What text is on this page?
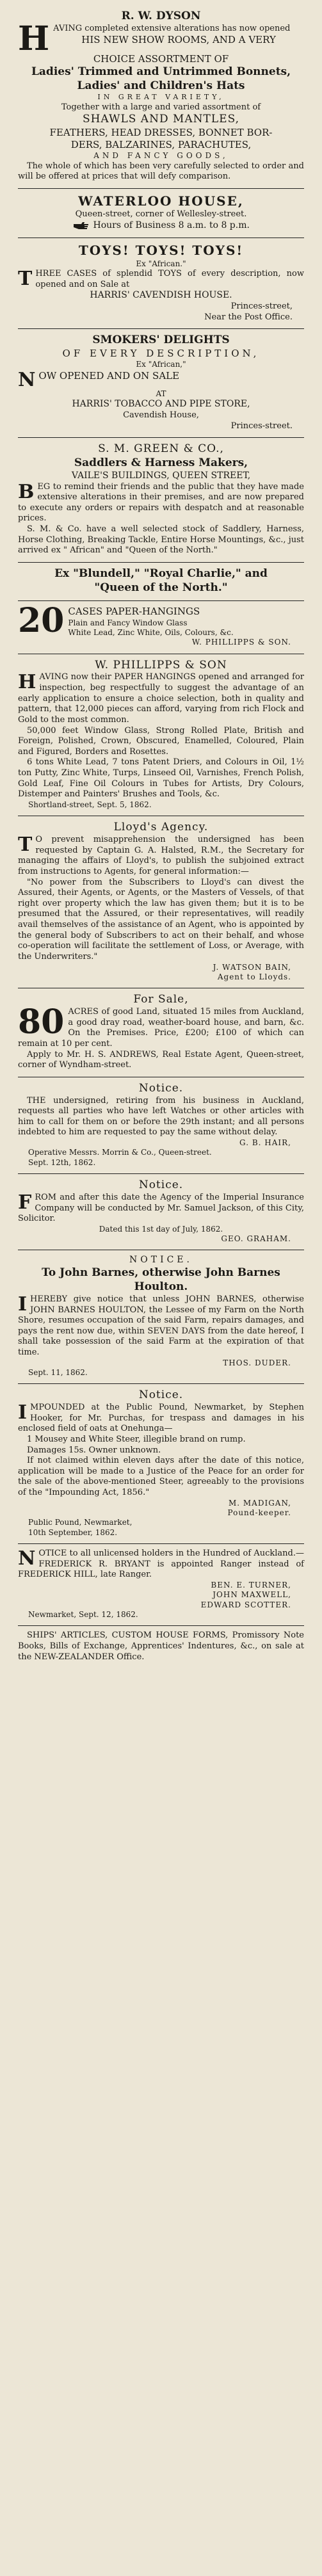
R. W. DYSON
HAVING completed extensive alterations has now opened
HIS NEW SHOW ROOMS, AND A VERY
CHOICE ASSORTMENT OF
Ladies' Trimmed and Untrimmed Bonnets,
Ladies' and Children's Hats
IN GREAT VARIETY,
Together with a large and varied assortment of
SHAWLS AND MANTLES,
FEATHERS, HEAD DRESSES, BONNET BOR-
DERS, BALZARINES, PARACHUTES,
AND FANCY GOODS,
The whole of which has been very carefully selected to order and will be offered at prices that will defy comparison.
WATERLOO HOUSE,
Queen-street, corner of Wellesley-street.
Hours of Business 8 a.m. to 8 p.m.
TOYS! TOYS! TOYS!
Ex "African."
THREE CASES of splendid TOYS of every description, now opened and on Sale at
HARRIS' CAVENDISH HOUSE.
Princes-street,
Near the Post Office.
SMOKERS' DELIGHTS
OF EVERY DESCRIPTION,
Ex "African,"
NOW OPENED AND ON SALE
AT
HARRIS' TOBACCO AND PIPE STORE,
Cavendish House,
Princes-street.
S. M. GREEN & CO.,
Saddlers & Harness Makers,
VAILE'S BUILDINGS, QUEEN STREET,
BEG to remind their friends and the public that they have made extensive alterations in their premises, and are now prepared to execute any orders or repairs with despatch and at reasonable prices.
S. M. & Co. have a well selected stock of Saddlery, Harness, Horse Clothing, Breaking Tackle, Entire Horse Mountings, &c., just arrived ex " African" and "Queen of the North."
Ex "Blundell," "Royal Charlie," and
"Queen of the North."
20 CASES PAPER-HANGINGS
Plain and Fancy Window Glass
White Lead, Zinc White, Oils, Colours, &c.
W. PHILLIPPS & SON.
W. PHILLIPPS & SON
HAVING now their PAPER HANGINGS opened and arranged for inspection, beg respectfully to suggest the advantage of an early application to ensure a choice selection, both in quality and pattern, that 12,000 pieces can afford, varying from rich Flock and Gold to the most common.
50,000 feet Window Glass, Strong Rolled Plate, British and Foreign, Polished, Crown, Obscured, Enamelled, Coloured, Plain and Figured, Borders and Rosettes.
6 tons White Lead, 7 tons Patent Driers, and Colours in Oil, 1½ ton Putty, Zinc White, Turps, Linseed Oil, Varnishes, French Polish, Gold Leaf, Fine Oil Colours in Tubes for Artists, Dry Colours, Distemper and Painters' Brushes and Tools, &c.
Shortland-street, Sept. 5, 1862.
Lloyd's Agency.
T O prevent misapprehension the undersigned has been requested by Captain G. A. Halsted, R.M., the Secretary for managing the affairs of Lloyd's, to publish the subjoined extract from instructions to Agents, for general information:—
"No power from the Subscribers to Lloyd's can divest the Assured, their Agents, or Agents, or the Masters of Vessels, of that right over property which the law has given them; but it is to be presumed that the Assured, or their representatives, will readily avail themselves of the assistance of an Agent, who is appointed by the general body of Subscribers to act on their behalf, and whose co-operation will facilitate the settlement of Loss, or Average, with the Underwriters."
J. WATSON BAIN,
Agent to Lloyds.
For Sale,
80 ACRES of good Land, situated 15 miles from Auckland, a good dray road, weather-board house, and barn, &c. On the Premises. Price, £200; £100 of which can remain at 10 per cent.
Apply to Mr. H. S. ANDREWS, Real Estate Agent, Queen-street, corner of Wyndham-street.
Notice.
THE undersigned, retiring from his business in Auckland, requests all parties who have left Watches or other articles with him to call for them on or before the 29th instant; and all persons indebted to him are requested to pay the same without delay.
G. B. HAIR,
Operative Messrs. Morrin & Co., Queen-street.
Sept. 12th, 1862.
Notice.
FROM and after this date the Agency of the Imperial Insurance Company will be conducted by Mr. Samuel Jackson, of this City, Solicitor.
Dated this 1st day of July, 1862.
GEO. GRAHAM.
NOTICE.
To John Barnes, otherwise John Barnes
Houlton.
IHEREBY give notice that unless JOHN BARNES, otherwise JOHN BARNES HOULTON, the Lessee of my Farm on the North Shore, resumes occupation of the said Farm, repairs damages, and pays the rent now due, within SEVEN DAYS from the date hereof, I shall take possession of the said Farm at the expiration of that time.
THOS. DUDER.
Sept. 11, 1862.
Notice.
IMPOUNDED at the Public Pound, Newmarket, by Stephen Hooker, for Mr. Purchas, for trespass and damages in his enclosed field of oats at Onehunga—
1 Mousey and White Steer, illegible brand on rump.
Damages 15s. Owner unknown.
If not claimed within eleven days after the date of this notice, application will be made to a Justice of the Peace for an order for the sale of the above-mentioned Steer, agreeably to the provisions of the "Impounding Act, 1856."
M. MADIGAN,
Pound-keeper.
Public Pound, Newmarket,
10th September, 1862.
NOTICE to all unlicensed holders in the Hundred of Auckland.—FREDERICK R. BRYANT is appointed Ranger instead of FREDERICK HILL, late Ranger.
BEN. E. TURNER,
JOHN MAXWELL,
EDWARD SCOTTER.
Newmarket, Sept. 12, 1862.
SHIPS' ARTICLES, CUSTOM HOUSE FORMS, Promissory Note Books, Bills of Exchange, Apprentices' Indentures, &c., on sale at the NEW-ZEALANDER Office.
